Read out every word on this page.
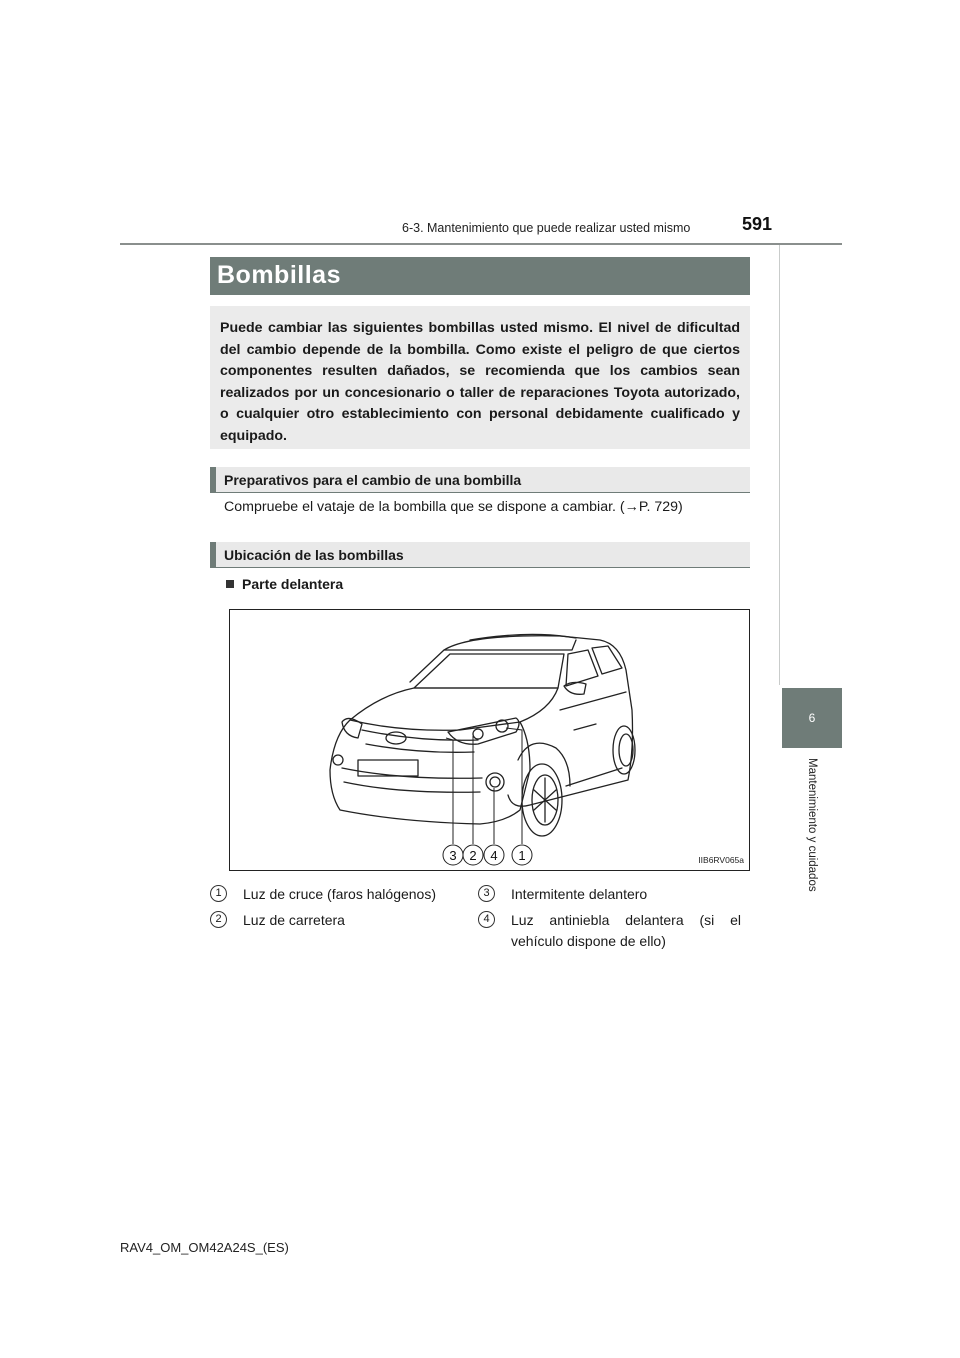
6-3. Mantenimiento que puede realizar usted mismo	591
6
Mantenimiento y cuidados
Bombillas
Puede cambiar las siguientes bombillas usted mismo. El nivel de dificultad del cambio depende de la bombilla. Como existe el peligro de que ciertos componentes resulten dañados, se recomienda que los cambios sean realizados por un concesionario o taller de reparaciones Toyota autorizado, o cualquier otro establecimiento con personal debidamente cualificado y equipado.
Preparativos para el cambio de una bombilla
Compruebe el vataje de la bombilla que se dispone a cambiar. (→P. 729)
Ubicación de las bombillas
Parte delantera
3 2 4 1	IIB6RV065a
1	Luz de cruce (faros halógenos)
2	Luz de carretera
3	Intermitente delantero
4	Luz antiniebla delantera (si el vehículo dispone de ello)
RAV4_OM_OM42A24S_(ES)
